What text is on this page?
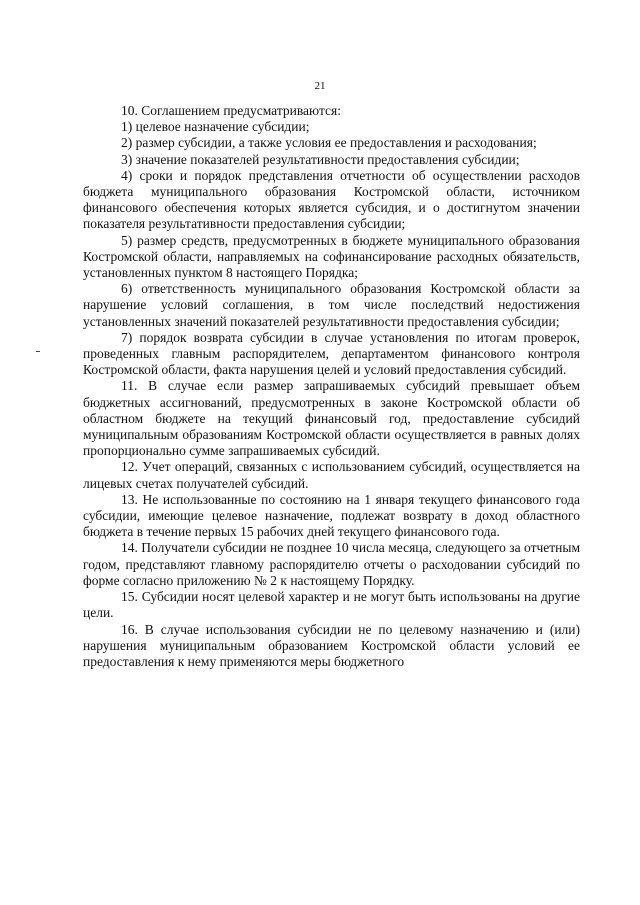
21

10. Соглашением предусматриваются:

1) целевое назначение субсидии;

2) размер субсидии, а также условия ее предоставления и расходования;

3) значение показателей результативности предоставления субсидии;

4) сроки и порядок представления отчетности об осуществлении расходов бюджета муниципального образования Костромской области, источником финансового обеспечения которых является субсидия, и о достигнутом значении показателя результативности предоставления субсидии;

5) размер средств, предусмотренных в бюджете муниципального образования Костромской области, направляемых на софинансирование расходных обязательств, установленных пунктом 8 настоящего Порядка;

6) ответственность муниципального образования Костромской области за нарушение условий соглашения, в том числе последствий недостижения установленных значений показателей результативности предоставления субсидии;

7) порядок возврата субсидии в случае установления по итогам проверок, проведенных главным распорядителем, департаментом финансового контроля Костромской области, факта нарушения целей и условий предоставления субсидий.

11. В случае если размер запрашиваемых субсидий превышает объем бюджетных ассигнований, предусмотренных в законе Костромской области об областном бюджете на текущий финансовый год, предоставление субсидий муниципальным образованиям Костромской области осуществляется в равных долях пропорционально сумме запрашиваемых субсидий.

12. Учет операций, связанных с использованием субсидий, осуществляется на лицевых счетах получателей субсидий.

13. Не использованные по состоянию на 1 января текущего финансового года субсидии, имеющие целевое назначение, подлежат возврату в доход областного бюджета в течение первых 15 рабочих дней текущего финансового года.

14. Получатели субсидии не позднее 10 числа месяца, следующего за отчетным годом, представляют главному распорядителю отчеты о расходовании субсидий по форме согласно приложению № 2 к настоящему Порядку.

15. Субсидии носят целевой характер и не могут быть использованы на другие цели.

16. В случае использования субсидии не по целевому назначению и (или) нарушения муниципальным образованием Костромской области условий ее предоставления к нему применяются меры бюджетного
